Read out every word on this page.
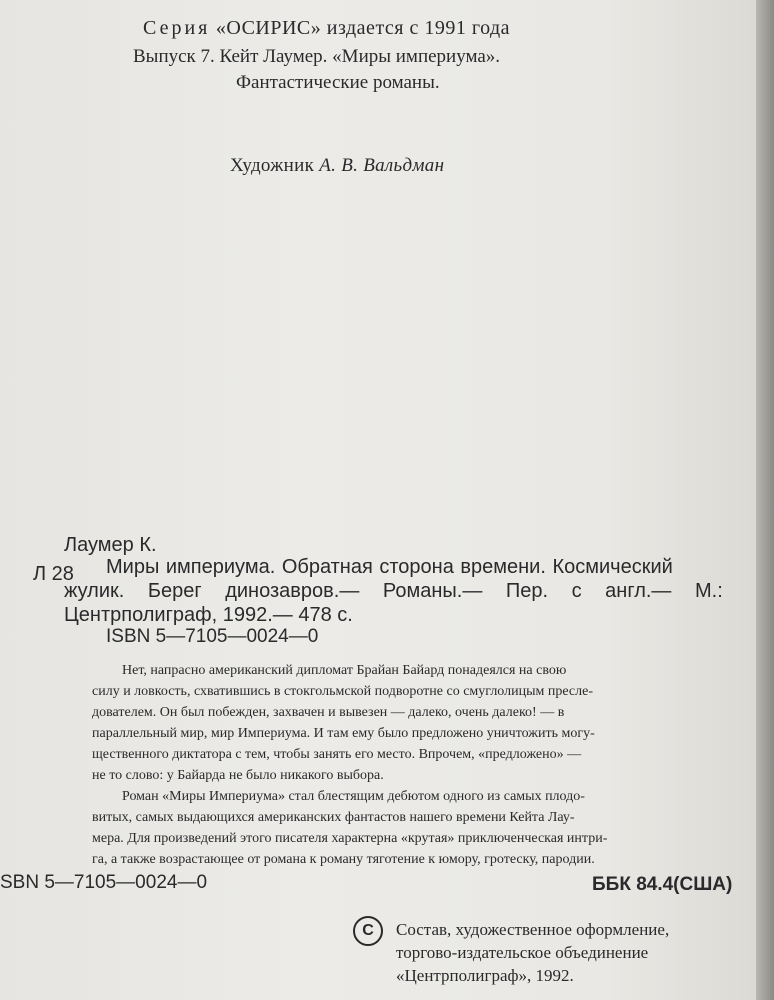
Серия «ОСИРИС» издается с 1991 года
Выпуск 7. Кейт Лаумер. «Миры империума».
Фантастические романы.
Художник А. В. Вальдман
Лаумер К.
Л 28	Миры империума. Обратная сторона времени. Космический
жулик. Берег динозавров.— Романы.— Пер. с англ.— М.:
Центрполиграф, 1992.— 478 с.
ISBN 5—7105—0024—0
Нет, напрасно американский дипломат Брайан Байард понадеялся на свою
силу и ловкость, схватившись в стокгольмской подворотне со смуглолицым пресле-
дователем. Он был побежден, захвачен и вывезен — далеко, очень далеко! — в
параллельный мир, мир Империума. И там ему было предложено уничтожить могу-
щественного диктатора с тем, чтобы занять его место. Впрочем, «предложено» —
не то слово: у Байарда не было никакого выбора.
Роман «Миры Империума» стал блестящим дебютом одного из самых плодо-
витых, самых выдающихся американских фантастов нашего времени Кейта Лау-
мера. Для произведений этого писателя характерна «крутая» приключенческая интри-
га, а также возрастающее от романа к роману тяготение к юмору, гротеску, пародии.
SBN 5—7105—0024—0	ББК 84.4(США)
C	Состав, художественное оформление,
торгово-издательское объединение
«Центрполиграф», 1992.
